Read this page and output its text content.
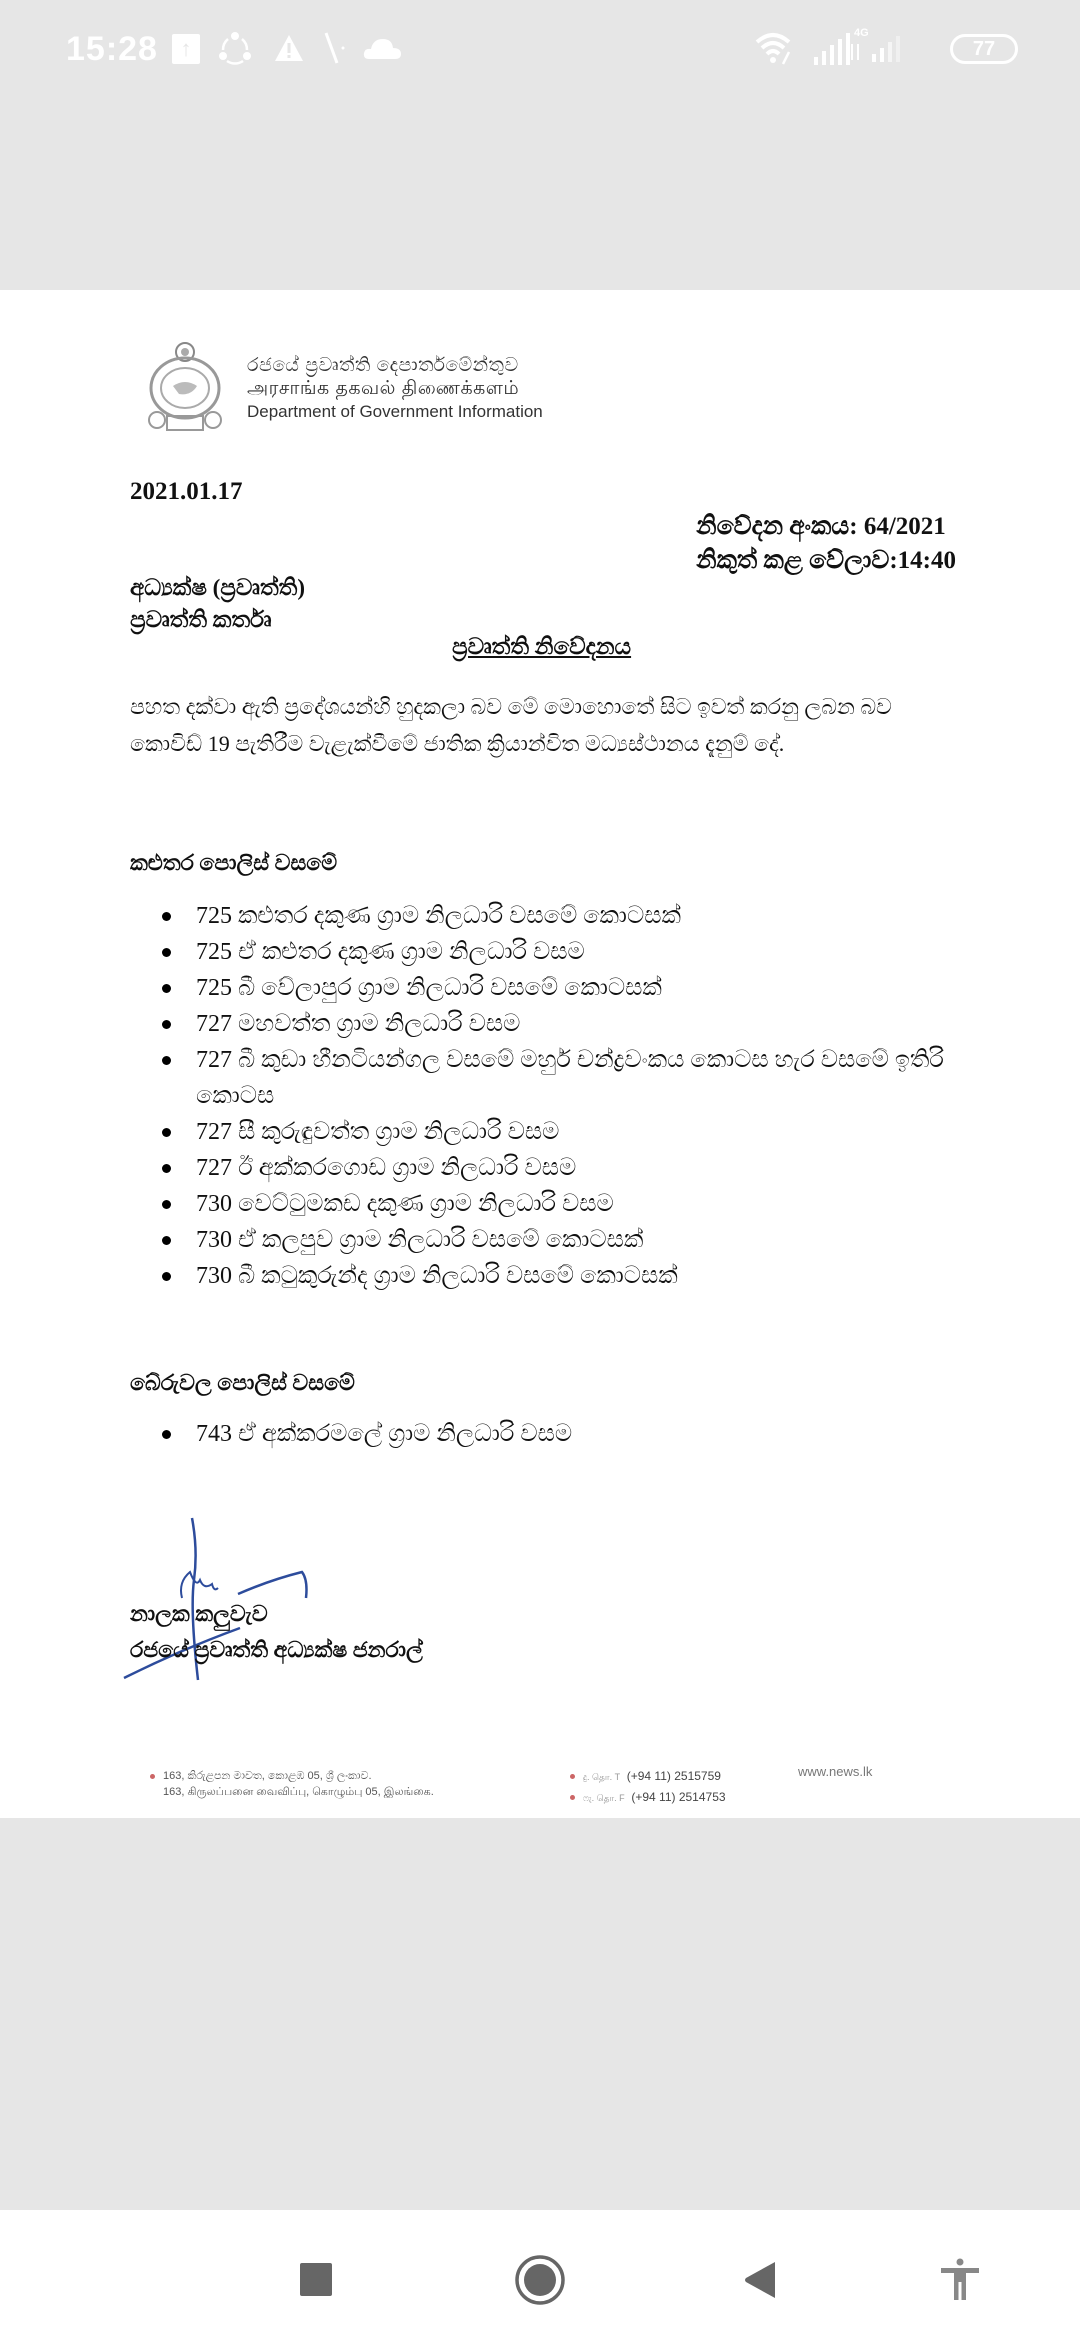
15:28	↑
4G
77
රජයේ ප්‍රවෘත්ති දෙපාර්තමේන්තුව
அரசாங்க தகவல் திணைக்களம்
Department of Government Information
2021.01.17
නිවේදන අංකය: 64/2021
නිකුත් කළ වේලාව:14:40
අධ්‍යක්ෂ (ප්‍රවෘත්ති)
ප්‍රවෘත්ති කර්තෘ
ප්‍රවෘත්ති නිවේදනය
පහත දක්වා ඇති ප්‍රදේශයන්හි හුදකලා බව මේ මොහොතේ සිට ඉවත් කරනු ලබන බව කොවිඩ් 19 පැතිරීම වැළැක්වීමේ ජාතික ක්‍රියාන්විත මධ්‍යස්ථානය දැනුම් දේ.
කළුතර පොලිස් වසමේ
725 කළුතර දකුණ ග්‍රාම නිලධාරි වසමේ කොටසක්
725 ඒ කළුතර දකුණ ග්‍රාම නිලධාරි වසම
725 බී වේලාපුර ග්‍රාම නිලධාරි වසමේ කොටසක්
727 මහවත්ත ග්‍රාම නිලධාරි වසම
727 බී කුඩා හීනටියන්ගල වසමේ මහුර් චන්ද්‍රවංකය කොටස හැර වසමේ ඉතිරි කොටස
727 සී කුරුඳුවත්ත ග්‍රාම නිලධාරි වසම
727 ඊ අක්කරගොඩ ග්‍රාම නිලධාරි වසම
730 වෙට්ටුමකඩ දකුණ ග්‍රාම නිලධාරි වසම
730 ඒ කලපුව ග්‍රාම නිලධාරි වසමේ කොටසක්
730 බී කටුකුරුන්ද ග්‍රාම නිලධාරි වසමේ කොටසක්
බේරුවල පොලිස් වසමේ
743 ඒ අක්කරමලේ ග්‍රාම නිලධාරි වසම
නාලක කලුවැව
රජයේ ප්‍රවෘත්ති අධ්‍යක්ෂ ජනරාල්
163, කිරුළපන මාවත, කොළඹ 05, ශ්‍රී ලංකාව.
163, கிருலப்பனை வைவிப்பு, கொழும்பு 05, இலங்கை.
දු. தொ. T (+94 11) 2515759
ෆැ. தொ. F (+94 11) 2514753
www.news.lk
